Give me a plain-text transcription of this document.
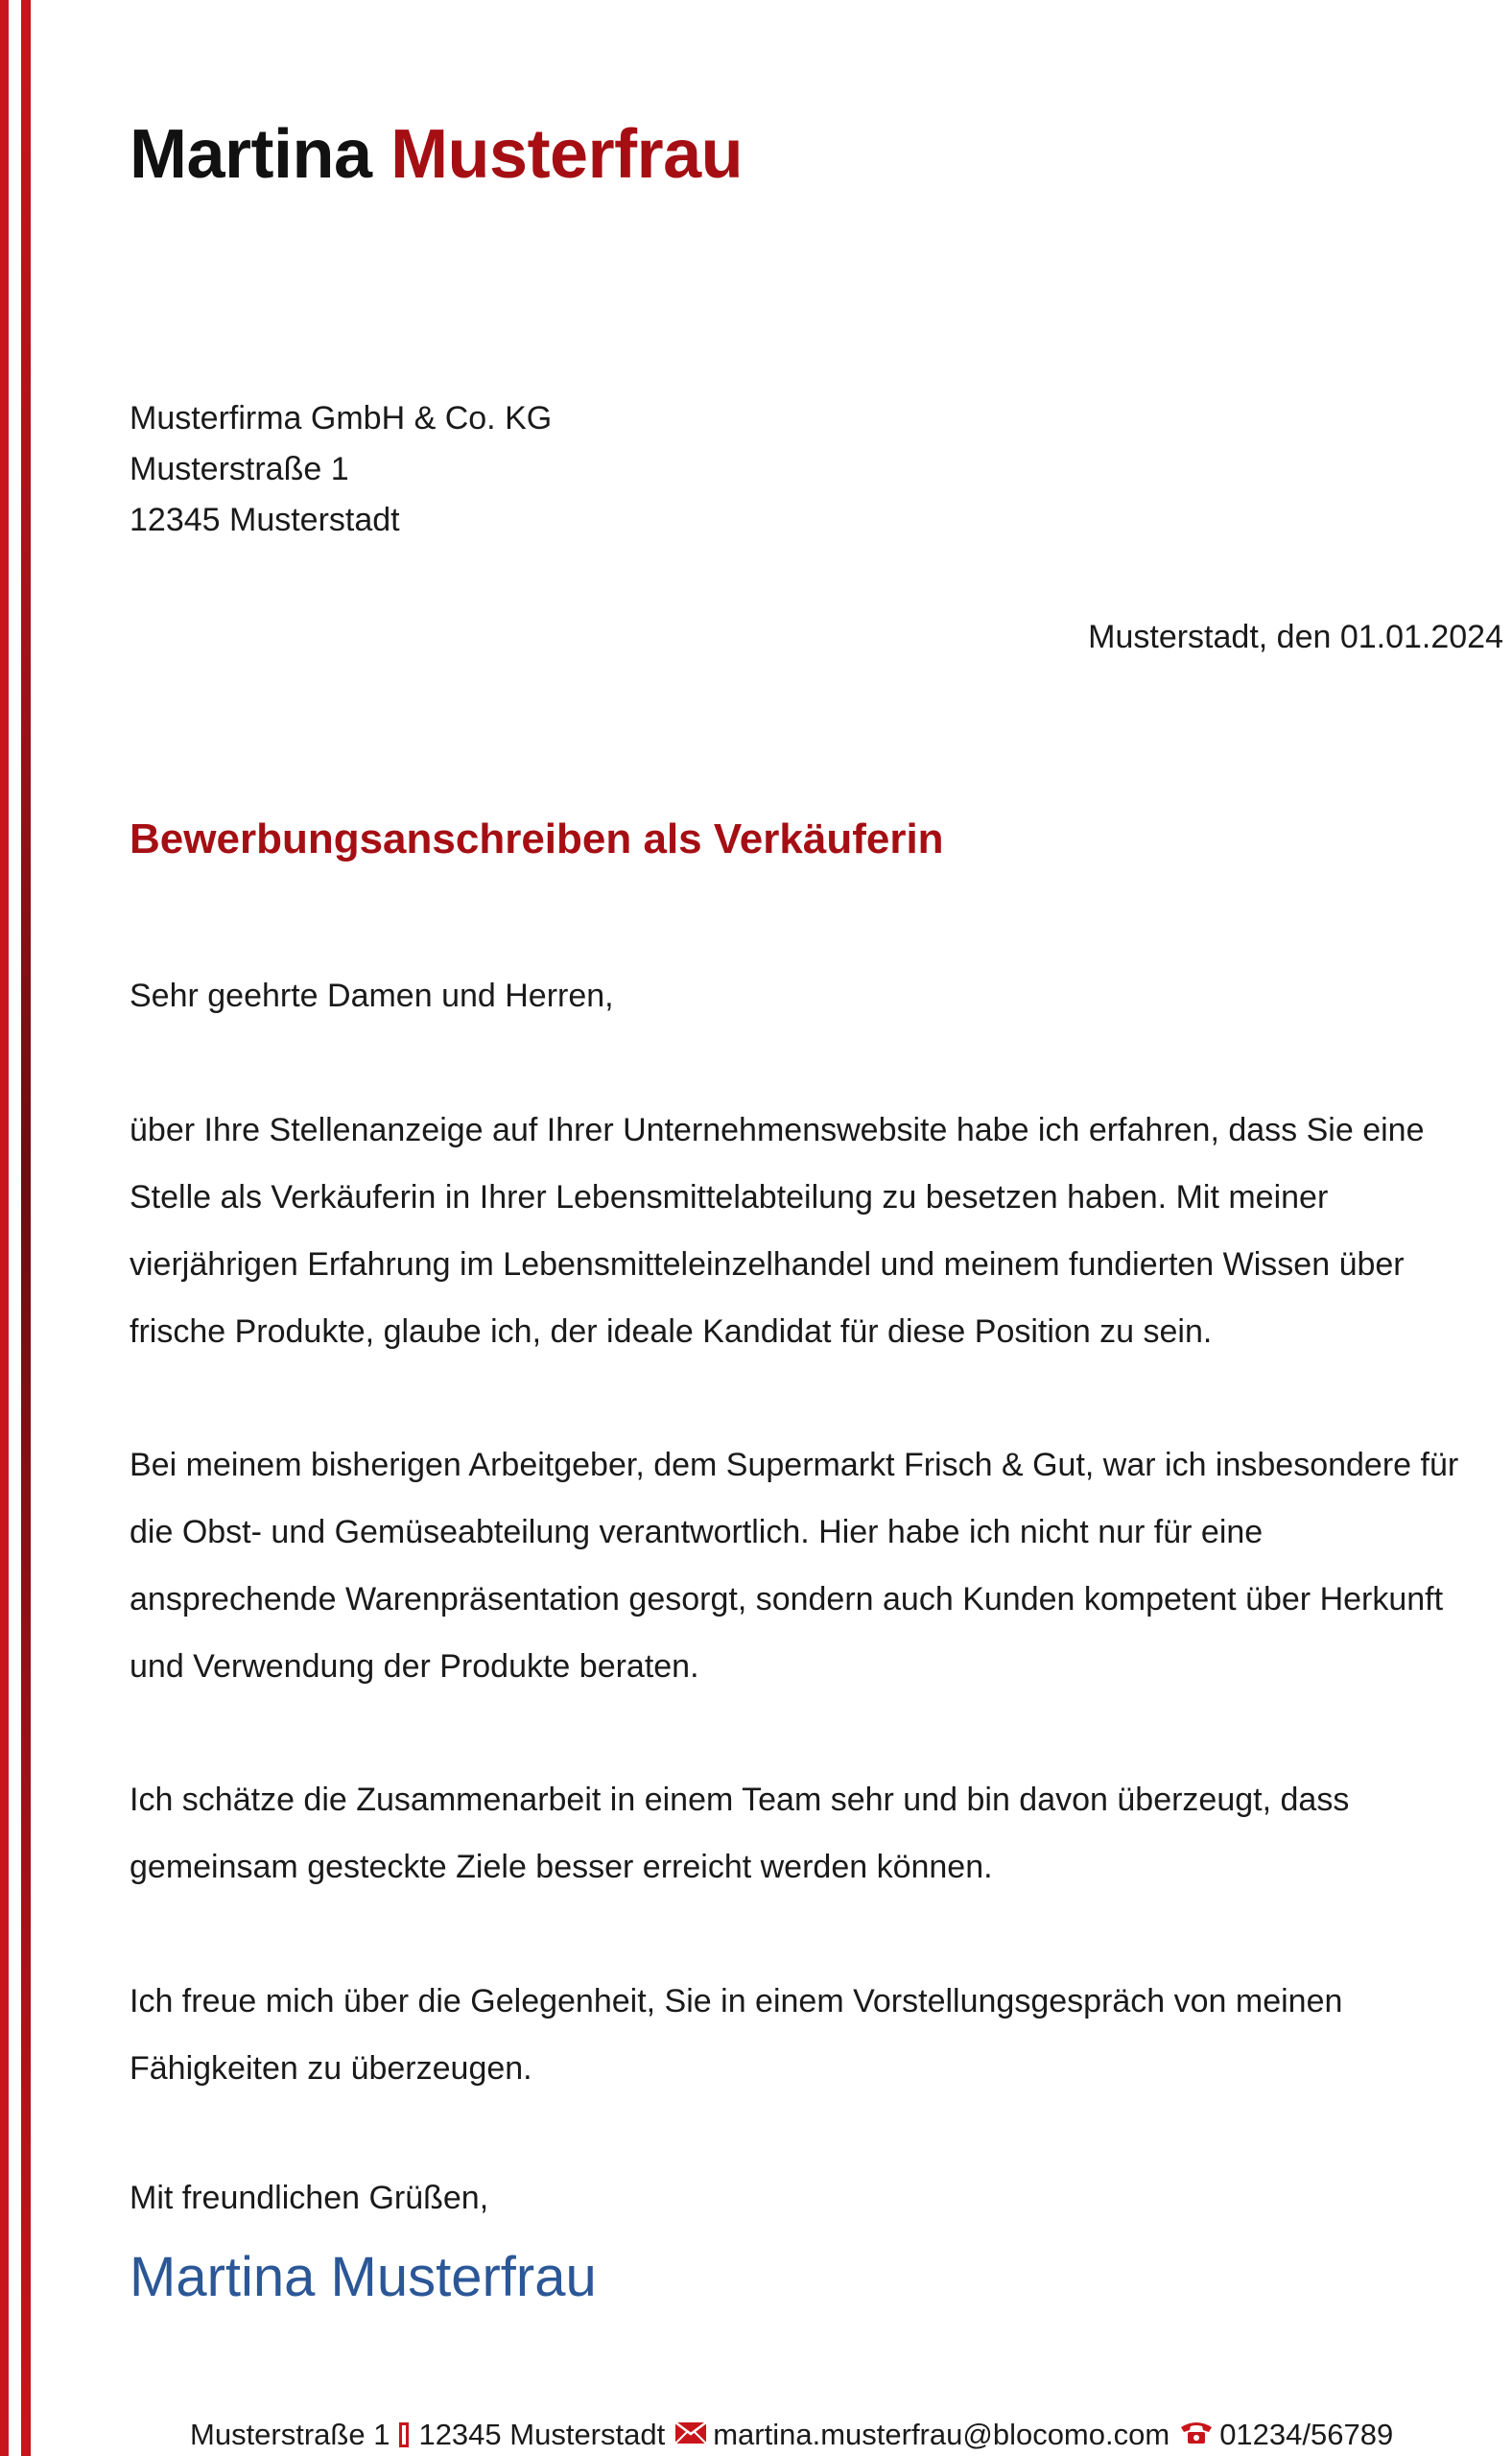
Martina Musterfrau
Musterfirma GmbH & Co. KG
Musterstraße 1
12345 Musterstadt
Musterstadt, den 01.01.2024
Bewerbungsanschreiben als Verkäuferin
Sehr geehrte Damen und Herren,
über Ihre Stellenanzeige auf Ihrer Unternehmenswebsite habe ich erfahren, dass Sie eine
Stelle als Verkäuferin in Ihrer Lebensmittelabteilung zu besetzen haben. Mit meiner
vierjährigen Erfahrung im Lebensmitteleinzelhandel und meinem fundierten Wissen über
frische Produkte, glaube ich, der ideale Kandidat für diese Position zu sein.
Bei meinem bisherigen Arbeitgeber, dem Supermarkt Frisch & Gut, war ich insbesondere für
die Obst- und Gemüseabteilung verantwortlich. Hier habe ich nicht nur für eine
ansprechende Warenpräsentation gesorgt, sondern auch Kunden kompetent über Herkunft
und Verwendung der Produkte beraten.
Ich schätze die Zusammenarbeit in einem Team sehr und bin davon überzeugt, dass
gemeinsam gesteckte Ziele besser erreicht werden können.
Ich freue mich über die Gelegenheit, Sie in einem Vorstellungsgespräch von meinen
Fähigkeiten zu überzeugen.
Mit freundlichen Grüßen,
Martina Musterfrau
Musterstraße 1 12345 Musterstadt martina.musterfrau@blocomo.com 01234/56789
